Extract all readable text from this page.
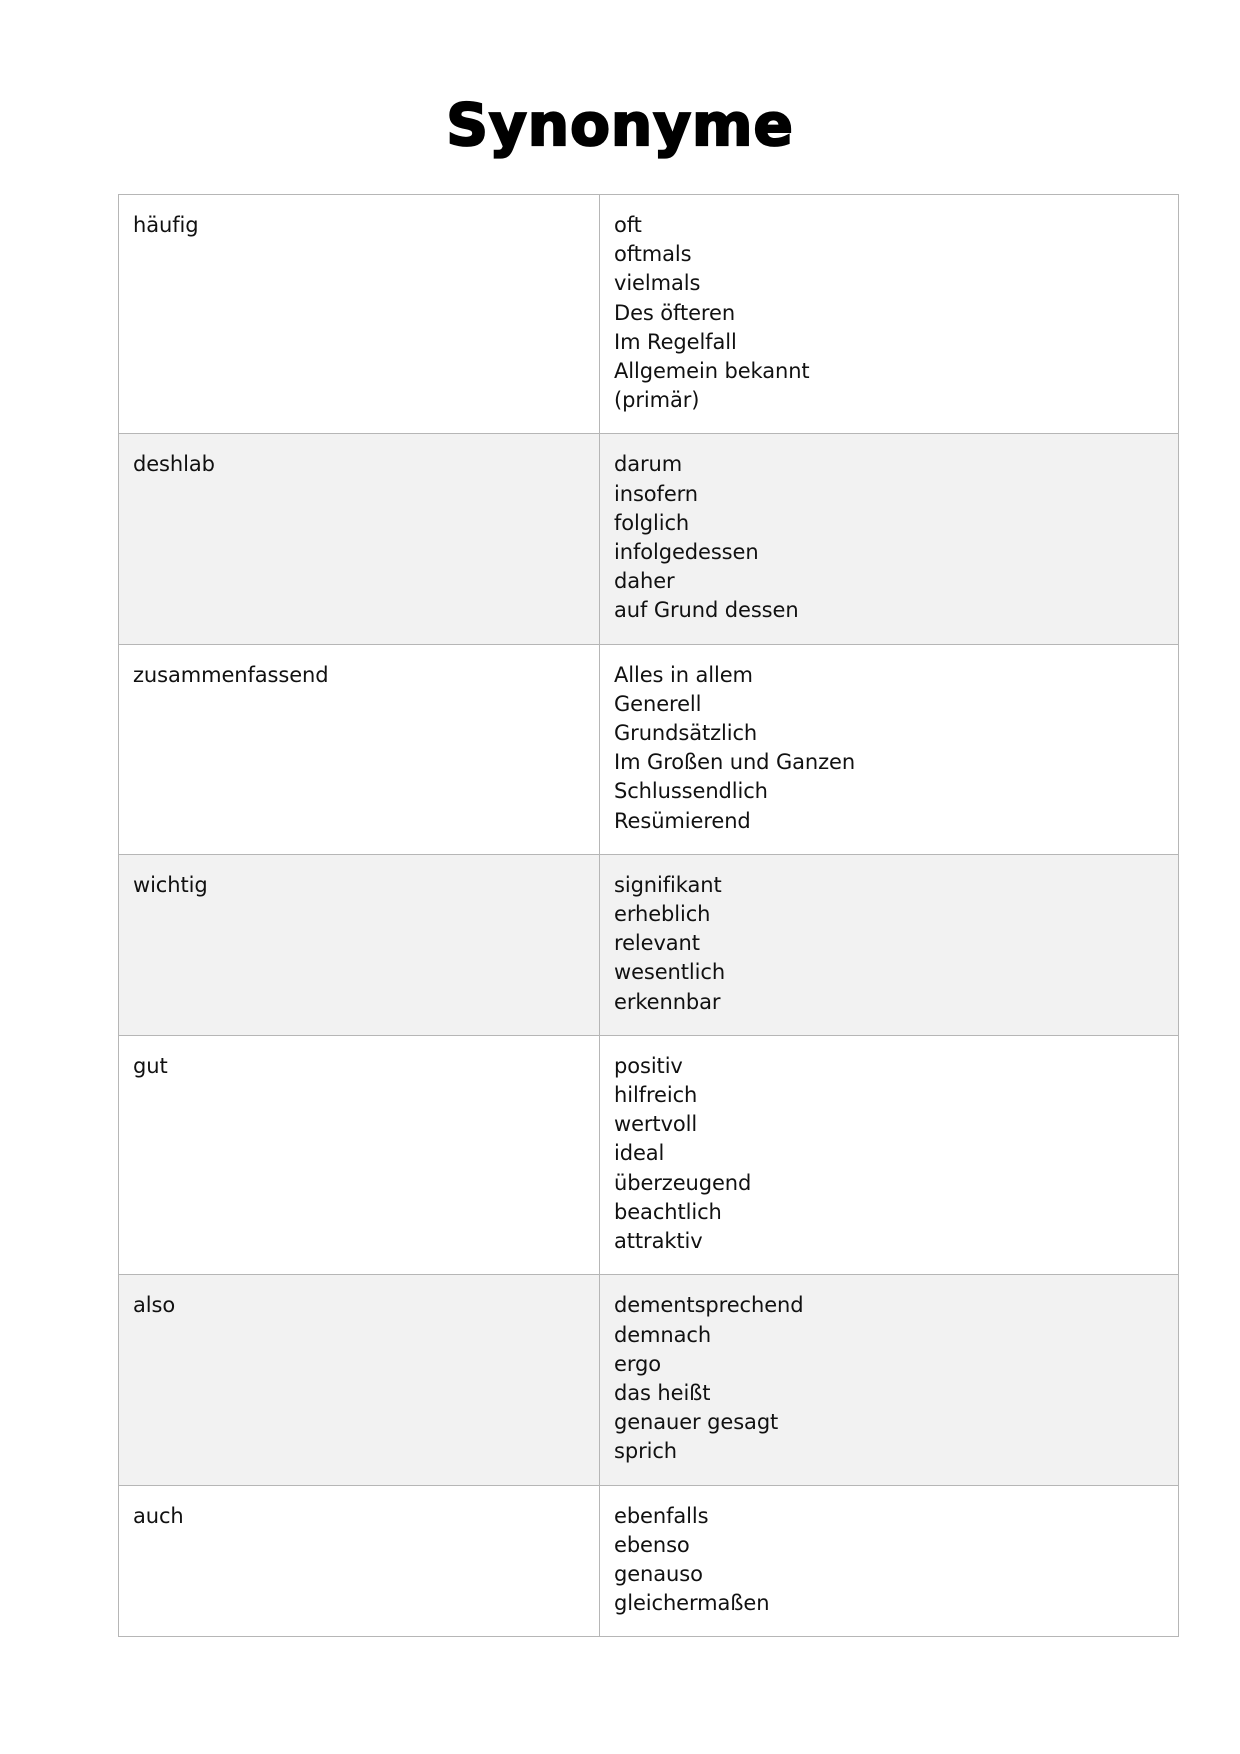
Synonyme
häufig	oft
oftmals
vielmals
Des öfteren
Im Regelfall
Allgemein bekannt
(primär)

deshlab	darum
insofern
folglich
infolgedessen
daher
auf Grund dessen

zusammenfassend	Alles in allem
Generell
Grundsätzlich
Im Großen und Ganzen
Schlussendlich
Resümierend

wichtig	signifikant
erheblich
relevant
wesentlich
erkennbar

gut	positiv
hilfreich
wertvoll
ideal
überzeugend
beachtlich
attraktiv

also	dementsprechend
demnach
ergo
das heißt
genauer gesagt
sprich

auch	ebenfalls
ebenso
genauso
gleichermaßen
